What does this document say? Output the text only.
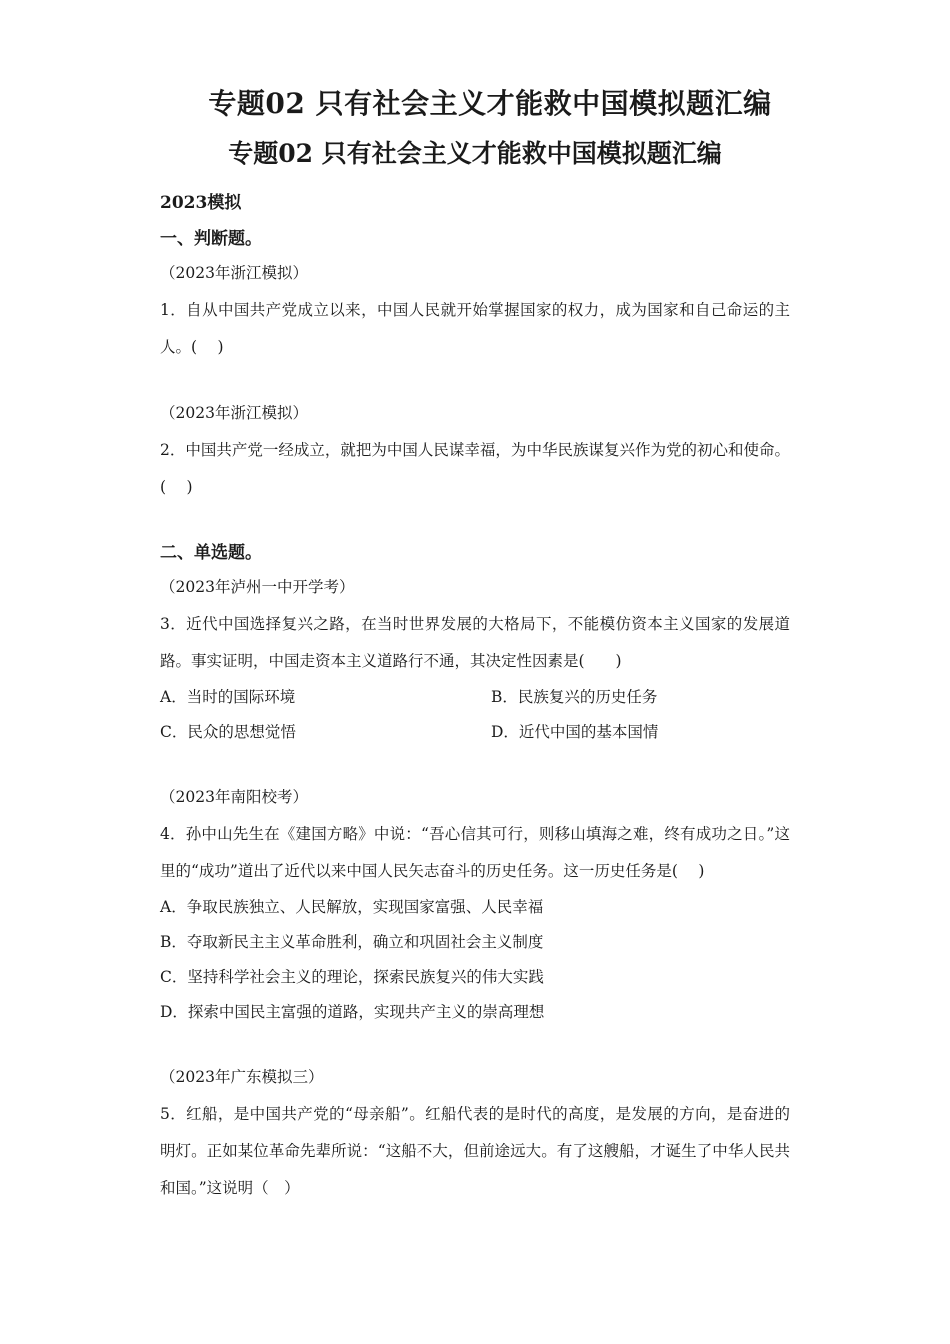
专题02 只有社会主义才能救中国模拟题汇编
专题02 只有社会主义才能救中国模拟题汇编
2023模拟
一、判断题。
（2023年浙江模拟）
1．自从中国共产党成立以来，中国人民就开始掌握国家的权力，成为国家和自己命运的主人。(　 )
（2023年浙江模拟）
2．中国共产党一经成立，就把为中国人民谋幸福，为中华民族谋复兴作为党的初心和使命。(　 )
二、单选题。
（2023年泸州一中开学考）
3．近代中国选择复兴之路，在当时世界发展的大格局下，不能模仿资本主义国家的发展道路。事实证明，中国走资本主义道路行不通，其决定性因素是(　　)
A．当时的国际环境	B．民族复兴的历史任务
C．民众的思想觉悟	D．近代中国的基本国情
（2023年南阳校考）
4．孙中山先生在《建国方略》中说：“吾心信其可行，则移山填海之难，终有成功之日。”这里的“成功”道出了近代以来中国人民矢志奋斗的历史任务。这一历史任务是(　 )
A．争取民族独立、人民解放，实现国家富强、人民幸福
B．夺取新民主主义革命胜利，确立和巩固社会主义制度
C．坚持科学社会主义的理论，探索民族复兴的伟大实践
D．探索中国民主富强的道路，实现共产主义的崇高理想
（2023年广东模拟三）
5．红船，是中国共产党的“母亲船”。红船代表的是时代的高度，是发展的方向，是奋进的明灯。正如某位革命先辈所说：“这船不大，但前途远大。有了这艘船，才诞生了中华人民共和国。”这说明（　）
